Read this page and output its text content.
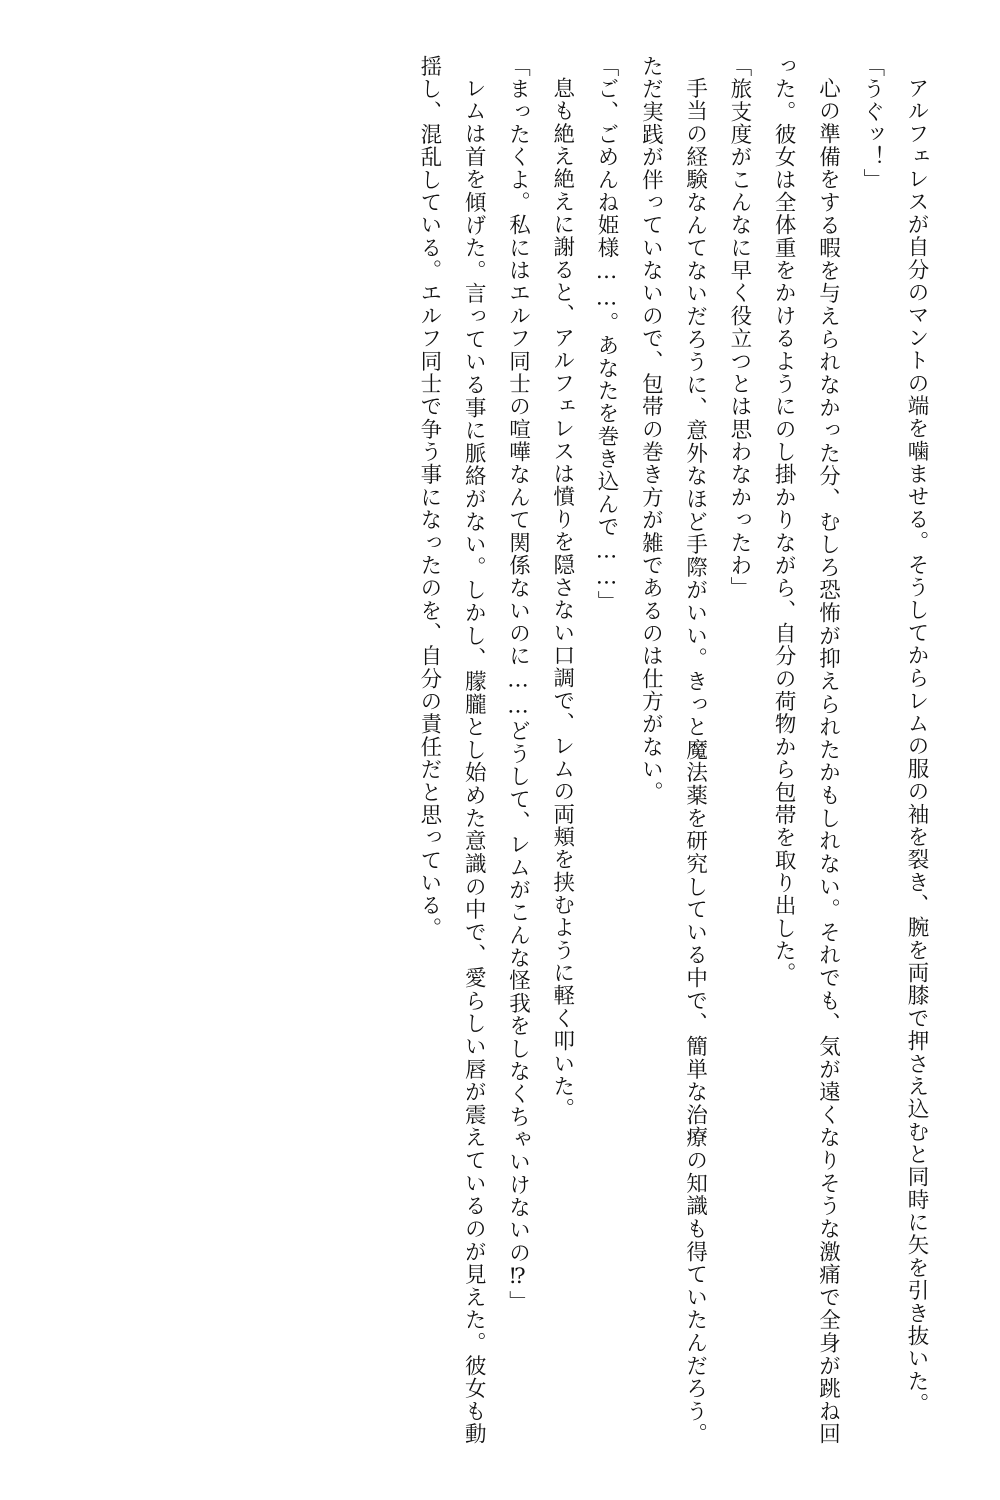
アルフェレスが自分のマントの端を噛ませる。そうしてからレムの服の袖を裂き、腕を両膝で押さえ込むと同時に矢を引き抜いた。

「うぐッ！」

心の準備をする暇を与えられなかった分、むしろ恐怖が抑えられたかもしれない。それでも、気が遠くなりそうな激痛で全身が跳ね回った。彼女は全体重をかけるようにのし掛かりながら、自分の荷物から包帯を取り出した。

「旅支度がこんなに早く役立つとは思わなかったわ」

手当の経験なんてないだろうに、意外なほど手際がいい。きっと魔法薬を研究している中で、簡単な治療の知識も得ていたんだろう。ただ実践が伴っていないので、包帯の巻き方が雑であるのは仕方がない。

「ご、ごめんね姫様……。あなたを巻き込んで……」

息も絶え絶えに謝ると、アルフェレスは憤りを隠さない口調で、レムの両頬を挟むように軽く叩いた。

「まったくよ。私にはエルフ同士の喧嘩なんて関係ないのに……どうして、レムがこんな怪我をしなくちゃいけないの⁉」

レムは首を傾げた。言っている事に脈絡がない。しかし、朦朧とし始めた意識の中で、愛らしい唇が震えているのが見えた。彼女も動揺し、混乱している。エルフ同士で争う事になったのを、自分の責任だと思っている。
